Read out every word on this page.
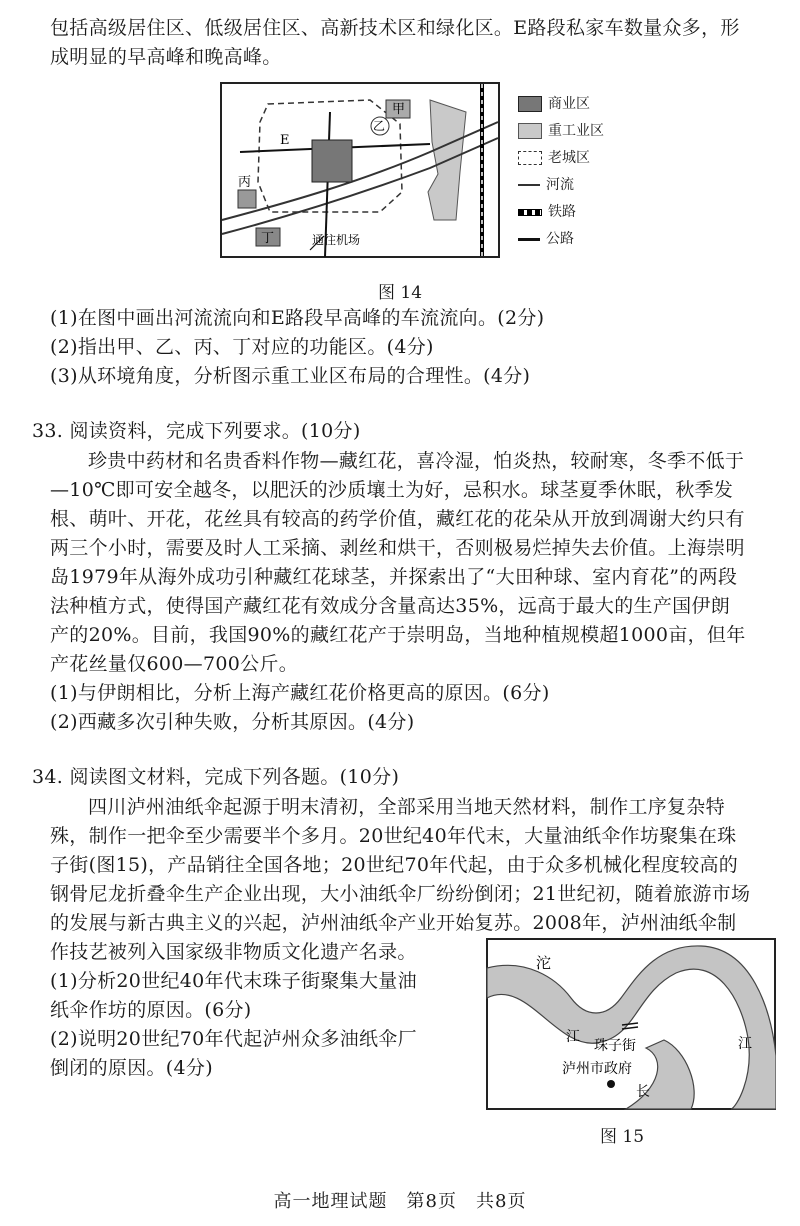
包括高级居住区、低级居住区、高新技术区和绿化区。E路段私家车数量众多，形
成明显的早高峰和晚高峰。
甲
乙
丙
丁
E
通往机场
商业区
重工业区
老城区
河流
铁路
公路
图 14
(1)在图中画出河流流向和E路段早高峰的车流流向。(2分)
(2)指出甲、乙、丙、丁对应的功能区。(4分)
(3)从环境角度，分析图示重工业区布局的合理性。(4分)
33. 阅读资料，完成下列要求。(10分)
珍贵中药材和名贵香料作物—藏红花，喜冷湿，怕炎热，较耐寒，冬季不低于
—10℃即可安全越冬，以肥沃的沙质壤土为好，忌积水。球茎夏季休眠，秋季发
根、萌叶、开花，花丝具有较高的药学价值，藏红花的花朵从开放到凋谢大约只有
两三个小时，需要及时人工采摘、剥丝和烘干，否则极易烂掉失去价值。上海崇明
岛1979年从海外成功引种藏红花球茎，并探索出了“大田种球、室内育花”的两段
法种植方式，使得国产藏红花有效成分含量高达35%，远高于最大的生产国伊朗
产的20%。目前，我国90%的藏红花产于崇明岛，当地种植规模超1000亩，但年
产花丝量仅600—700公斤。
(1)与伊朗相比，分析上海产藏红花价格更高的原因。(6分)
(2)西藏多次引种失败，分析其原因。(4分)
34. 阅读图文材料，完成下列各题。(10分)
四川泸州油纸伞起源于明末清初，全部采用当地天然材料，制作工序复杂特
殊，制作一把伞至少需要半个多月。20世纪40年代末，大量油纸伞作坊聚集在珠
子街(图15)，产品销往全国各地；20世纪70年代起，由于众多机械化程度较高的
钢骨尼龙折叠伞生产企业出现，大小油纸伞厂纷纷倒闭；21世纪初，随着旅游市场
的发展与新古典主义的兴起，泸州油纸伞产业开始复苏。2008年，泸州油纸伞制
作技艺被列入国家级非物质文化遗产名录。
(1)分析20世纪40年代末珠子街聚集大量油
纸伞作坊的原因。(6分)
(2)说明20世纪70年代起泸州众多油纸伞厂
倒闭的原因。(4分)
沱
江	江
珠子街
泸州市政府
长
图 15
高一地理试题　第8页　共8页
